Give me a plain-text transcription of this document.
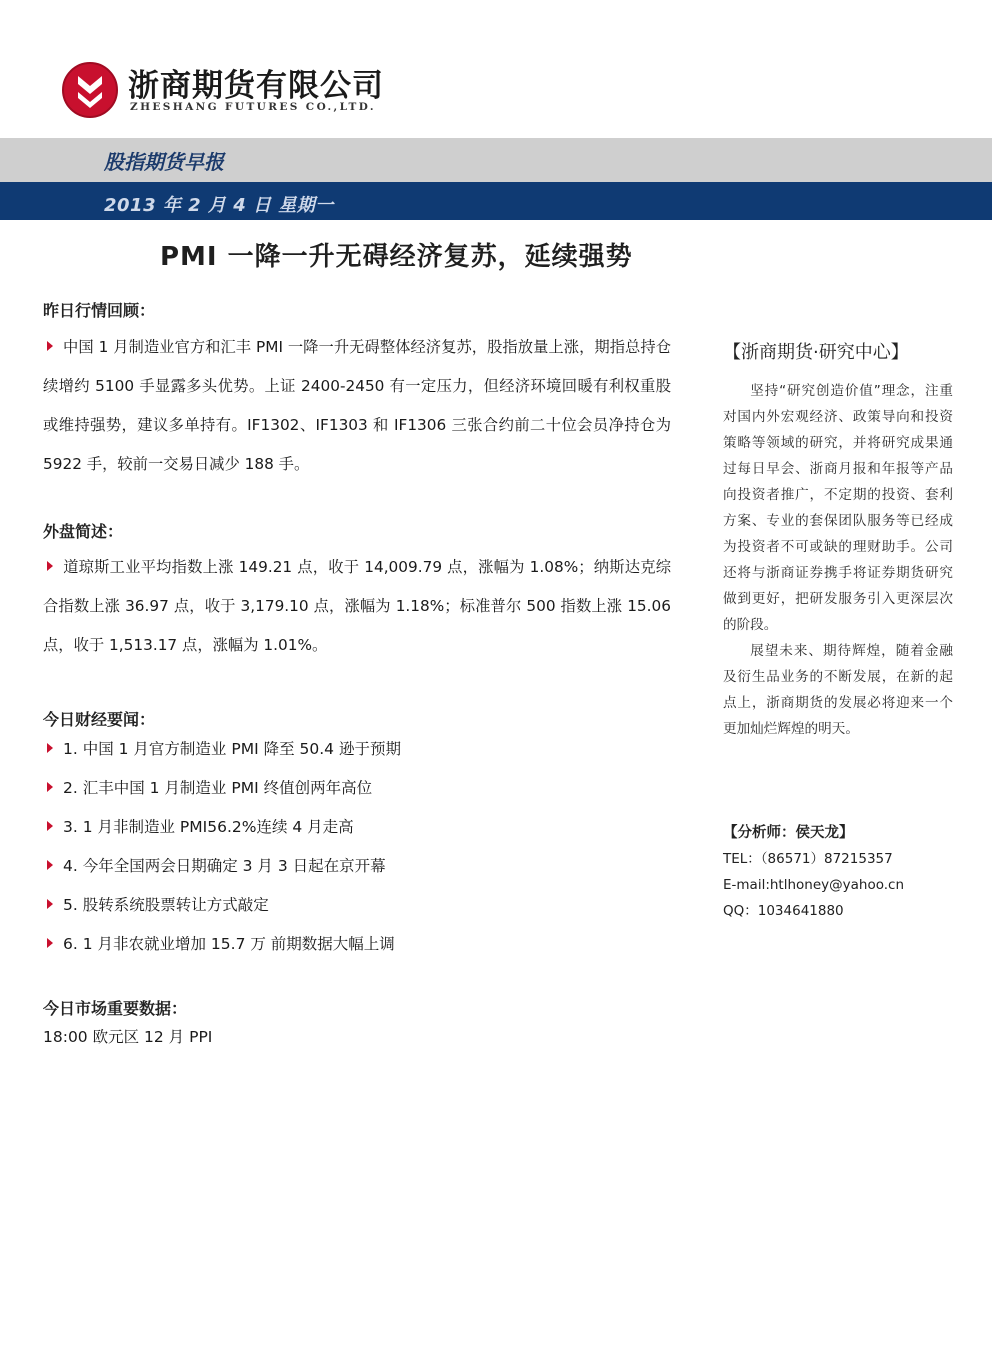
浙商期货有限公司
ZHESHANG FUTURES CO.,LTD.
股指期货早报
2013 年 2 月 4 日 星期一
PMI 一降一升无碍经济复苏，延续强势
昨日行情回顾：
中国 1 月制造业官方和汇丰 PMI 一降一升无碍整体经济复苏，股指放量上涨，期指总持仓续增约 5100 手显露多头优势。上证 2400-2450 有一定压力，但经济环境回暖有利权重股或维持强势，建议多单持有。IF1302、IF1303 和 IF1306 三张合约前二十位会员净持仓为 5922 手，较前一交易日减少 188 手。
外盘简述：
道琼斯工业平均指数上涨 149.21 点，收于 14,009.79 点，涨幅为 1.08%；纳斯达克综合指数上涨 36.97 点，收于 3,179.10 点，涨幅为 1.18%；标准普尔 500 指数上涨 15.06 点，收于 1,513.17 点，涨幅为 1.01%。
今日财经要闻：
1. 中国 1 月官方制造业 PMI 降至 50.4 逊于预期
2. 汇丰中国 1 月制造业 PMI 终值创两年高位
3. 1 月非制造业 PMI56.2%连续 4 月走高
4. 今年全国两会日期确定 3 月 3 日起在京开幕
5. 股转系统股票转让方式敲定
6. 1 月非农就业增加 15.7 万 前期数据大幅上调
今日市场重要数据：
18:00 欧元区 12 月 PPI
【浙商期货·研究中心】

坚持“研究创造价值”理念，注重对国内外宏观经济、政策导向和投资策略等领域的研究，并将研究成果通过每日早会、浙商月报和年报等产品向投资者推广，不定期的投资、套利方案、专业的套保团队服务等已经成为投资者不可或缺的理财助手。公司还将与浙商证券携手将证券期货研究做到更好，把研发服务引入更深层次的阶段。

展望未来、期待辉煌，随着金融及衍生品业务的不断发展，在新的起点上，浙商期货的发展必将迎来一个更加灿烂辉煌的明天。

【分析师：侯天龙】
TEL：（86571）87215357
E-mail:htlhoney@yahoo.cn
QQ：1034641880
